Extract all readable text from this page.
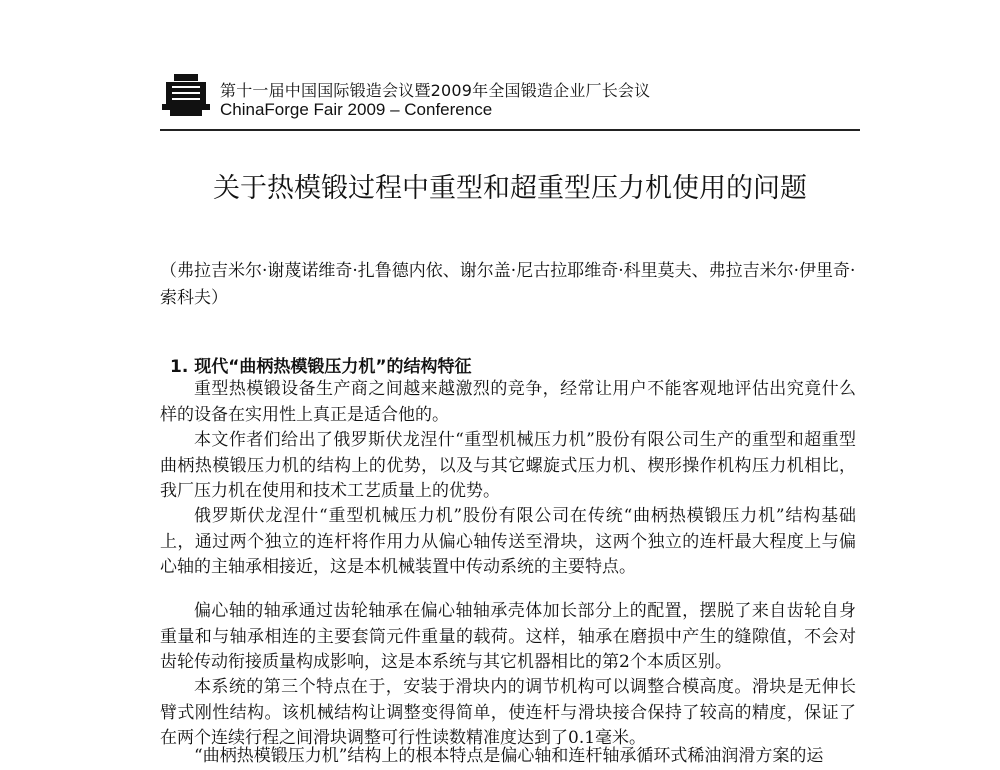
第十一届中国国际锻造会议暨2009年全国锻造企业厂长会议
ChinaForge Fair 2009 – Conference
关于热模锻过程中重型和超重型压力机使用的问题
（弗拉吉米尔·谢蔑诺维奇·扎鲁德内依、谢尔盖·尼古拉耶维奇·科里莫夫、弗拉吉米尔·伊里奇·索科夫）
1. 现代“曲柄热模锻压力机”的结构特征
重型热模锻设备生产商之间越来越激烈的竞争，经常让用户不能客观地评估出究竟什么样的设备在实用性上真正是适合他的。
本文作者们给出了俄罗斯伏龙涅什“重型机械压力机”股份有限公司生产的重型和超重型曲柄热模锻压力机的结构上的优势，以及与其它螺旋式压力机、楔形操作机构压力机相比，我厂压力机在使用和技术工艺质量上的优势。
俄罗斯伏龙涅什“重型机械压力机”股份有限公司在传统“曲柄热模锻压力机”结构基础上，通过两个独立的连杆将作用力从偏心轴传送至滑块，这两个独立的连杆最大程度上与偏心轴的主轴承相接近，这是本机械装置中传动系统的主要特点。
偏心轴的轴承通过齿轮轴承在偏心轴轴承壳体加长部分上的配置，摆脱了来自齿轮自身重量和与轴承相连的主要套筒元件重量的载荷。这样，轴承在磨损中产生的缝隙值，不会对齿轮传动衔接质量构成影响，这是本系统与其它机器相比的第2个本质区别。
本系统的第三个特点在于，安装于滑块内的调节机构可以调整合模高度。滑块是无伸长臂式刚性结构。该机械结构让调整变得简单，使连杆与滑块接合保持了较高的精度，保证了在两个连续行程之间滑块调整可行性读数精准度达到了0.1毫米。
“曲柄热模锻压力机”结构上的根本特点是偏心轴和连杆轴承循环式稀油润滑方案的运
